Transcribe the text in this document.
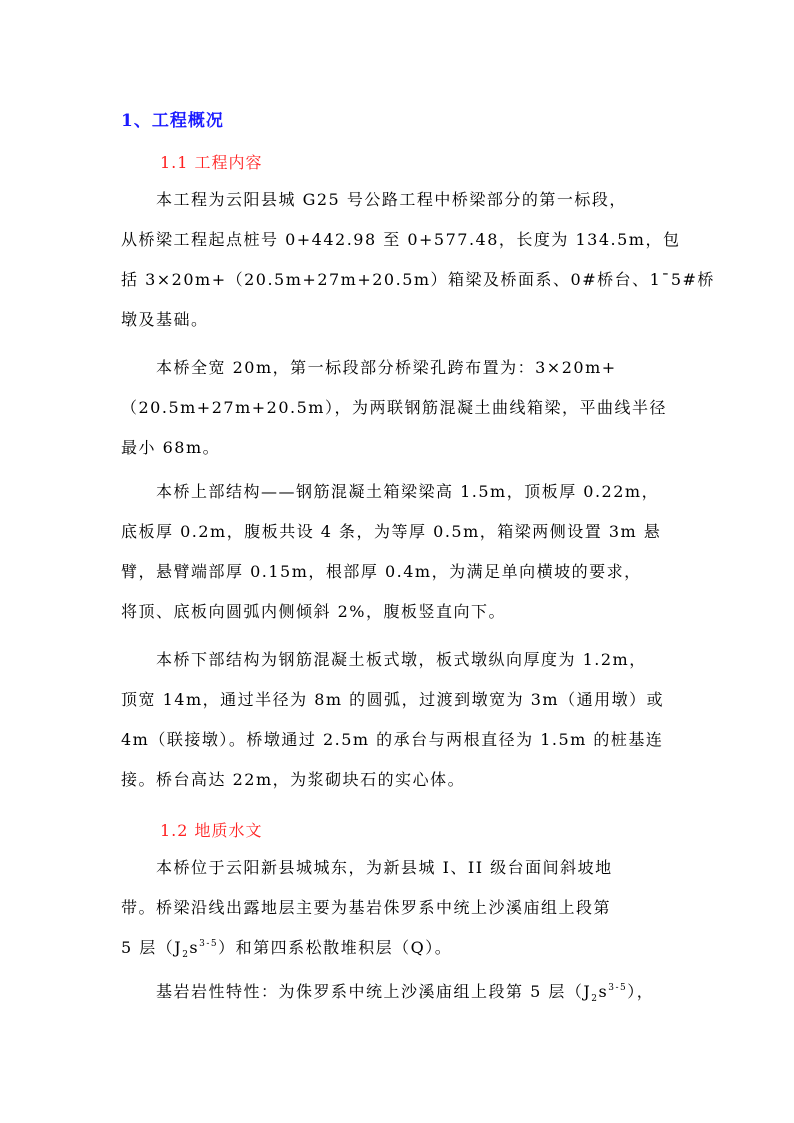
1、工程概况
1.1 工程内容
　　本工程为云阳县城 G25 号公路工程中桥梁部分的第一标段，
从桥梁工程起点桩号 0+442.98 至 0+577.48，长度为 134.5m，包
括 3×20m+（20.5m+27m+20.5m）箱梁及桥面系、0#桥台、1¯5#桥
墩及基础。
　　本桥全宽 20m，第一标段部分桥梁孔跨布置为：3×20m+
（20.5m+27m+20.5m），为两联钢筋混凝土曲线箱梁，平曲线半径
最小 68m。
　　本桥上部结构——钢筋混凝土箱梁梁高 1.5m，顶板厚 0.22m，
底板厚 0.2m，腹板共设 4 条，为等厚 0.5m，箱梁两侧设置 3m 悬
臂，悬臂端部厚 0.15m，根部厚 0.4m，为满足单向横坡的要求，
将顶、底板向圆弧内侧倾斜 2%，腹板竖直向下。
　　本桥下部结构为钢筋混凝土板式墩，板式墩纵向厚度为 1.2m，
顶宽 14m，通过半径为 8m 的圆弧，过渡到墩宽为 3m（通用墩）或
4m（联接墩）。桥墩通过 2.5m 的承台与两根直径为 1.5m 的桩基连
接。桥台高达 22m，为浆砌块石的实心体。
1.2 地质水文
　　本桥位于云阳新县城城东，为新县城 I、II 级台面间斜坡地
带。桥梁沿线出露地层主要为基岩侏罗系中统上沙溪庙组上段第
5 层$(J_2s^{3-5})$和第四系松散堆积层（Q）。
　　基岩岩性特性：为侏罗系中统上沙溪庙组上段第 5 层$(J_2s^{3-5})$，
